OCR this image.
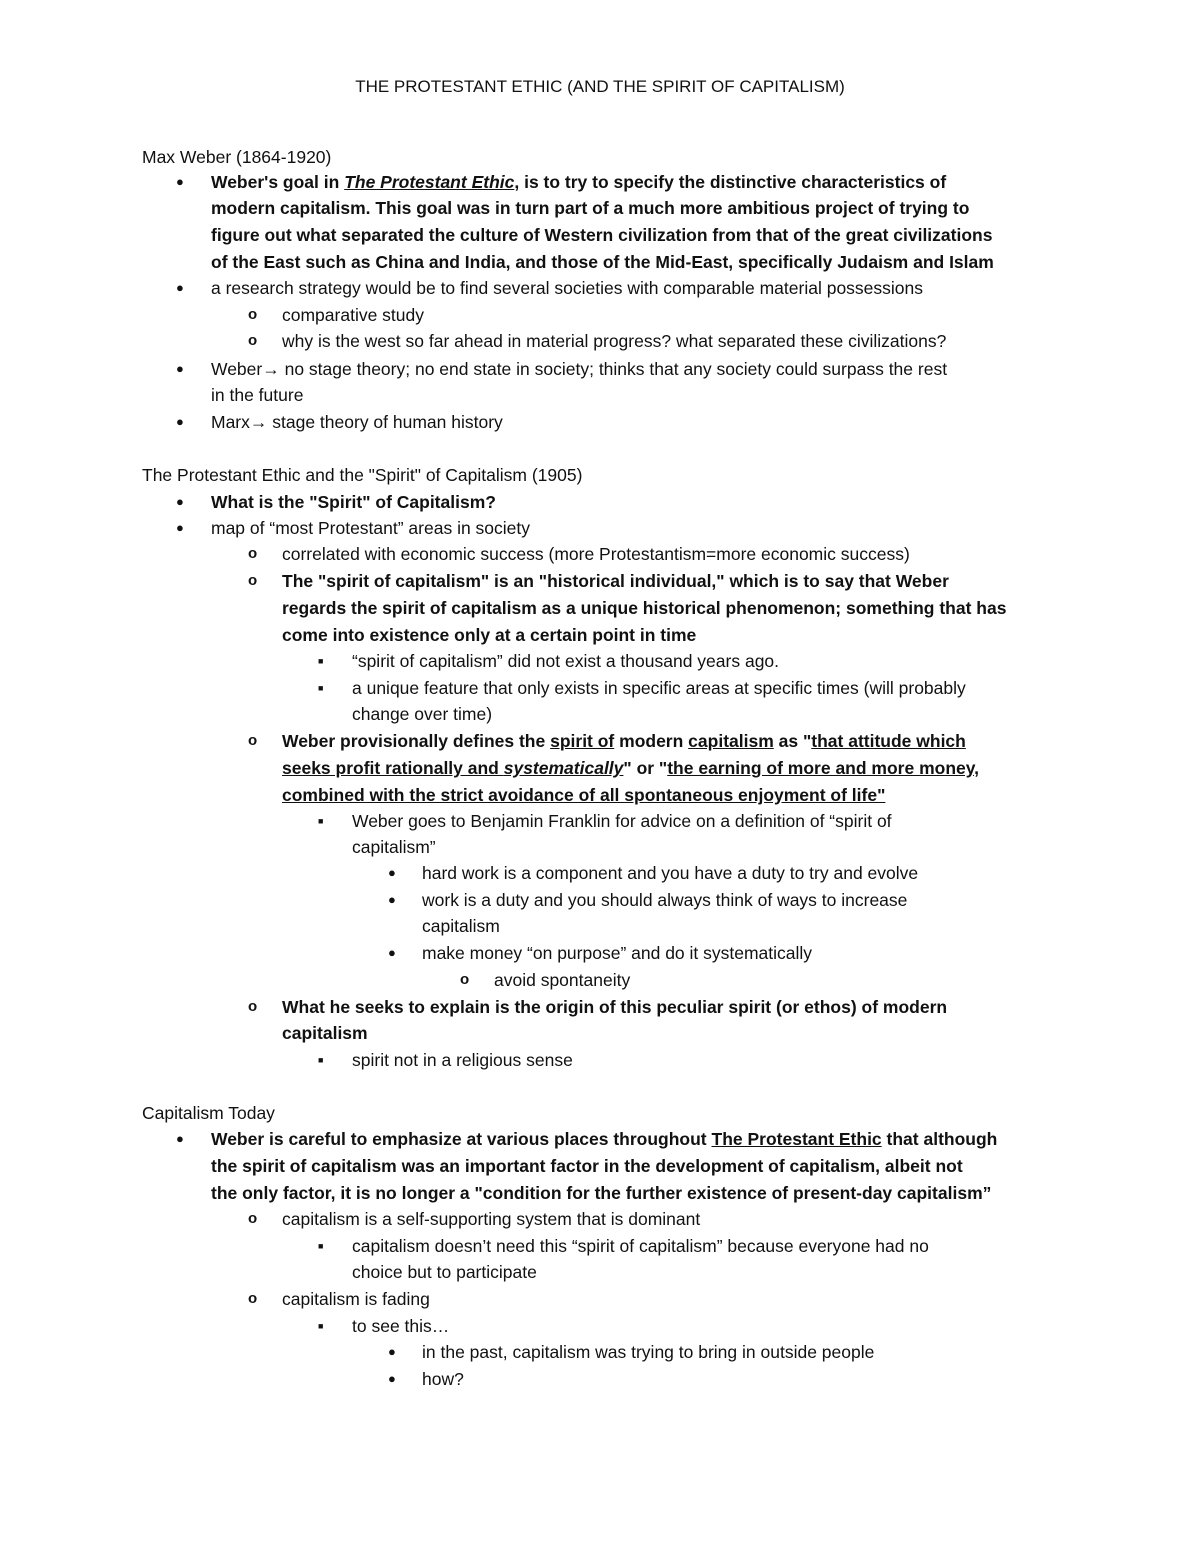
THE PROTESTANT ETHIC (AND THE SPIRIT OF CAPITALISM)
Max Weber (1864-1920)
● Weber's goal in The Protestant Ethic, is to try to specify the distinctive characteristics of
modern capitalism. This goal was in turn part of a much more ambitious project of trying to
figure out what separated the culture of Western civilization from that of the great civilizations
of the East such as China and India, and those of the Mid-East, specifically Judaism and Islam
● a research strategy would be to find several societies with comparable material possessions
o comparative study
o why is the west so far ahead in material progress? what separated these civilizations?
● Weber→ no stage theory; no end state in society; thinks that any society could surpass the rest
in the future
● Marx→ stage theory of human history
The Protestant Ethic and the "Spirit" of Capitalism (1905)
● What is the "Spirit" of Capitalism?
● map of “most Protestant” areas in society
o correlated with economic success (more Protestantism=more economic success)
o The "spirit of capitalism" is an "historical individual," which is to say that Weber
regards the spirit of capitalism as a unique historical phenomenon; something that has
come into existence only at a certain point in time
■ “spirit of capitalism” did not exist a thousand years ago.
■ a unique feature that only exists in specific areas at specific times (will probably
change over time)
o Weber provisionally defines the spirit of modern capitalism as "that attitude which
seeks profit rationally and systematically" or "the earning of more and more money,
combined with the strict avoidance of all spontaneous enjoyment of life"
■ Weber goes to Benjamin Franklin for advice on a definition of “spirit of
capitalism”
● hard work is a component and you have a duty to try and evolve
● work is a duty and you should always think of ways to increase
capitalism
● make money “on purpose” and do it systematically
o avoid spontaneity
o What he seeks to explain is the origin of this peculiar spirit (or ethos) of modern
capitalism
■ spirit not in a religious sense
Capitalism Today
● Weber is careful to emphasize at various places throughout The Protestant Ethic that although
the spirit of capitalism was an important factor in the development of capitalism, albeit not
the only factor, it is no longer a "condition for the further existence of present-day capitalism”
o capitalism is a self-supporting system that is dominant
■ capitalism doesn’t need this “spirit of capitalism” because everyone had no
choice but to participate
o capitalism is fading
■ to see this…
● in the past, capitalism was trying to bring in outside people
● how?
